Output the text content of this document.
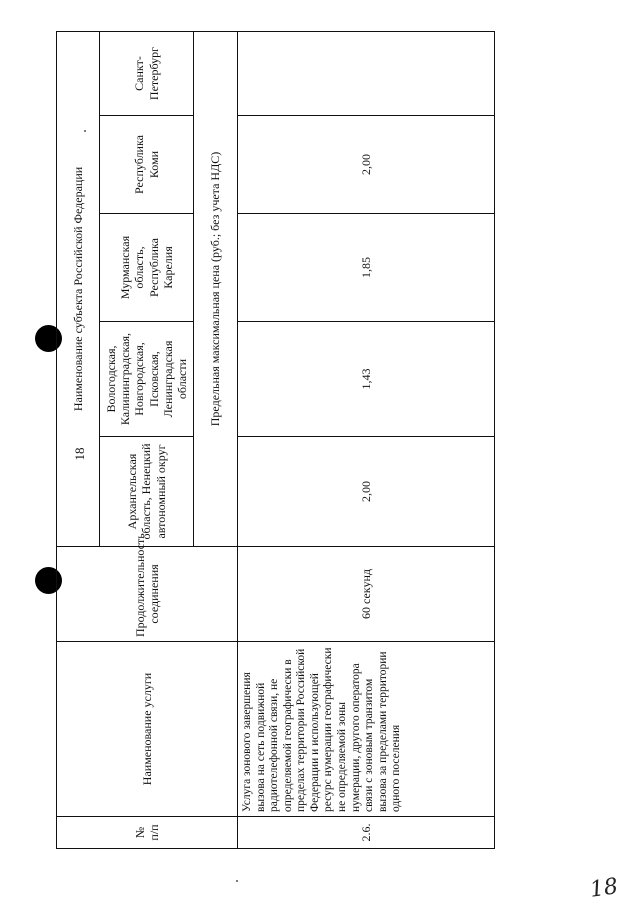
18
№ п/п	Наименование услуги	Продолжительность соединения	Наименование субъекта Российской Федерации				
			Архангельская область, Ненецкий автономный округ	Вологодская, Калининградская, Новгородская, Псковская, Ленинградская области	Мурманская область, Республика Карелия	Республика Коми	Санкт-Петербург
			Предельная максимальная цена (руб.; без учета НДС)				
2.6.	Услуга зонового завершения вызова на сеть подвижной радиотелефонной связи, не определяемой географически в пределах территории Российской Федерации и использующей ресурс нумерации географически не определяемой зоны нумерации, другого оператора связи с зоновым транзитом вызова за пределами территории одного поселения	60 секунд	2,00	1,43	1,85	2,00	
18
